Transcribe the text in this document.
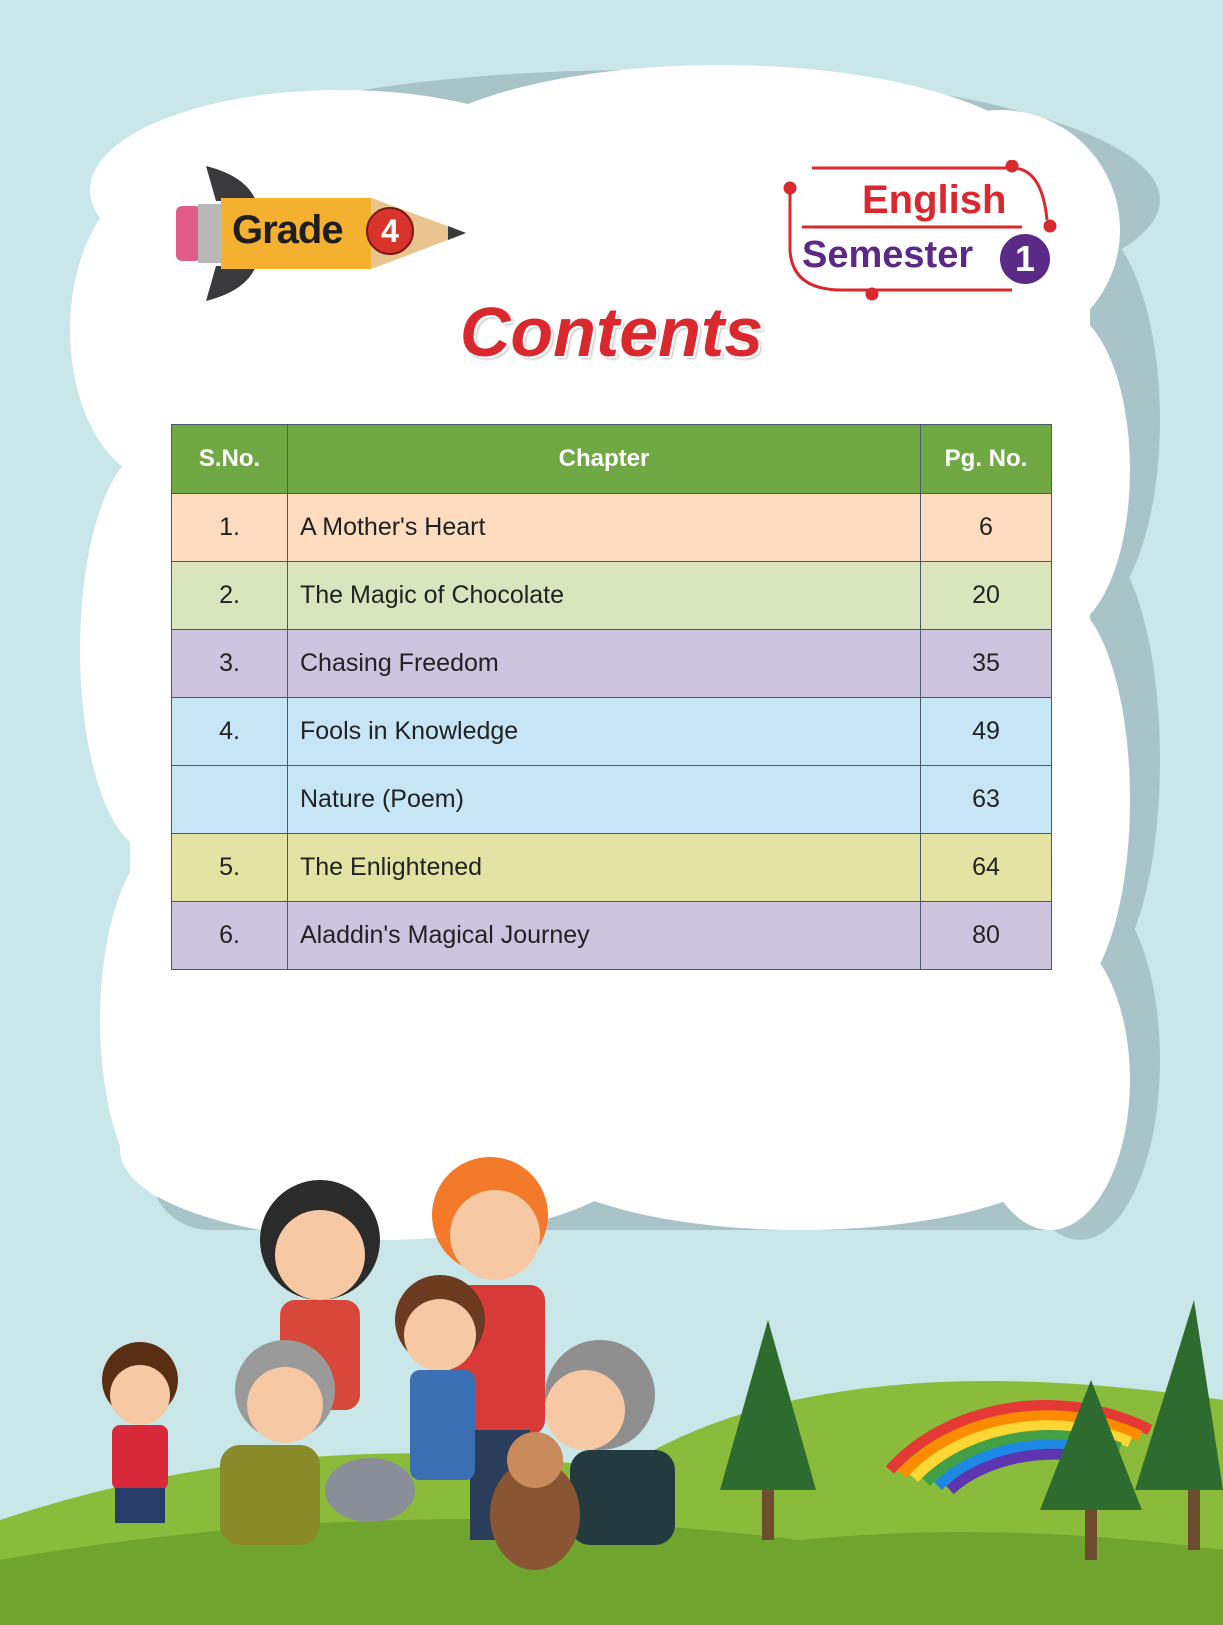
Grade	4
English
Semester	1
Contents
S.No.	Chapter	Pg. No.
1.	A Mother's Heart	6
2.	The Magic of Chocolate	20
3.	Chasing Freedom	35
4.	Fools in Knowledge	49
	Nature (Poem)	63
5.	The Enlightened	64
6.	Aladdin's Magical Journey	80
